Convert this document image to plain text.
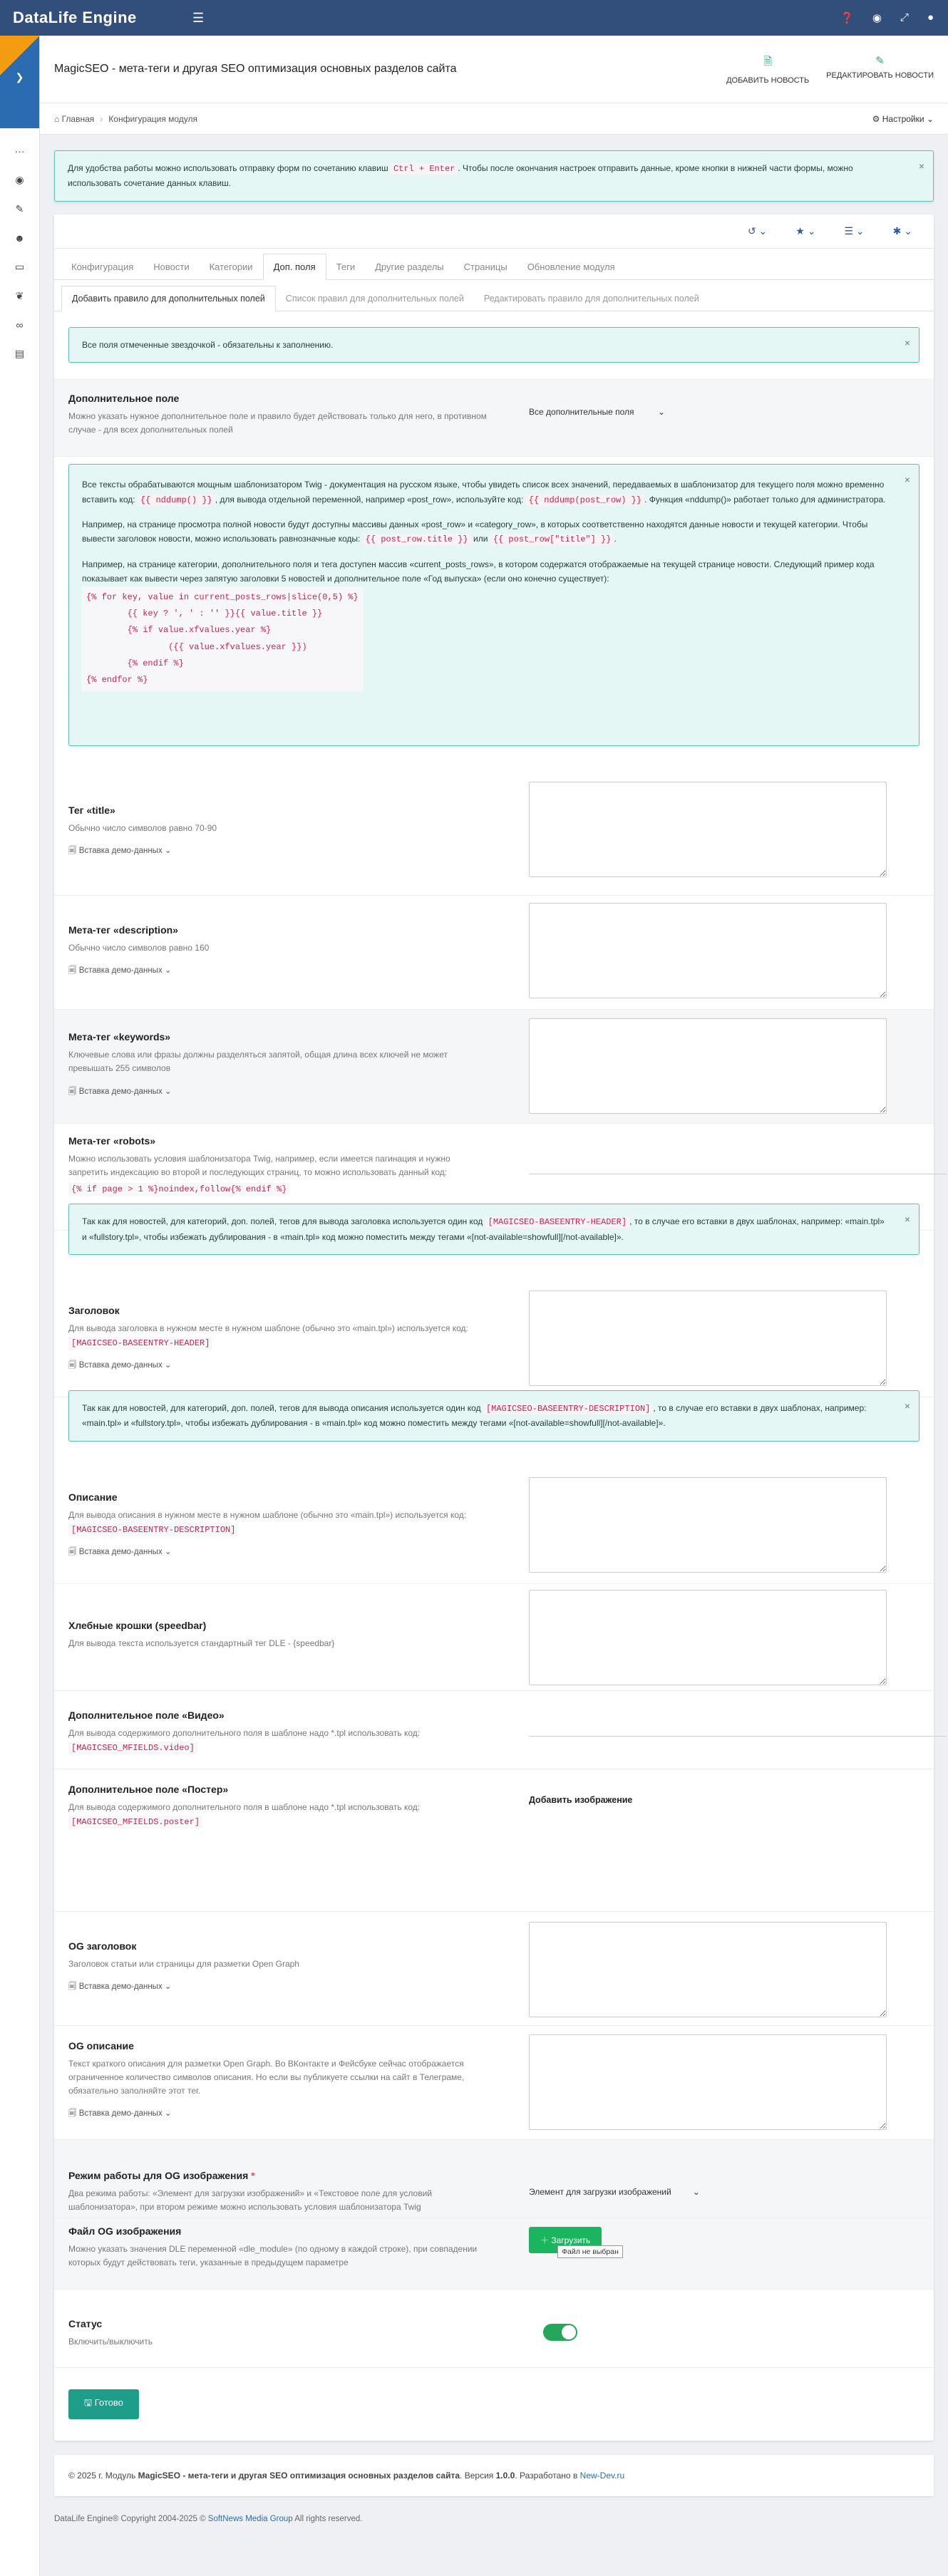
DataLife Engine	☰	❓ ◉ ⤢ ●
❯
···
◉
✎
☻
▭
❦
∞
▤
MagicSEO - мета-теги и другая SEO оптимизация основных разделов сайта
🗎
ДОБАВИТЬ НОВОСТЬ
✎
РЕДАКТИРОВАТЬ НОВОСТИ
⌂
Главная › Конфигурация модуля	⚙ Настройки ⌄
Для удобства работы можно использовать отправку форм по сочетанию клавиш Ctrl + Enter . Чтобы после окончания настроек отправить данные, кроме кнопки в нижней части формы, можно использовать сочетание данных клавиш.
×
↺ ⌄	★ ⌄	☰ ⌄	✱ ⌄
Конфигурация	Новости	Категории	Доп. поля	Теги	Другие разделы	Страницы	Обновление модуля
Добавить правило для дополнительных полей	Список правил для дополнительных полей	Редактировать правило для дополнительных полей
Все поля отмеченные звездочкой - обязательны к заполнению.	×
Дополнительное поле
Можно указать нужное дополнительное поле и правило будет действовать только для него, в противном случае - для всех дополнительных полей
Все дополнительные поля	⌄
×

Все тексты обрабатываются мощным шаблонизатором Twig - документация на русском языке, чтобы увидеть список всех значений, передаваемых в шаблонизатор для текущего поля можно временно вставить код: {{ nddump() }} , для вывода отдельной переменной, например «post_row», используйте код: {{ nddump(post_row) }} . Функция «nddump()» работает только для администратора.

Например, на странице просмотра полной новости будут доступны массивы данных «post_row» и «category_row», в которых соответственно находятся данные новости и текущей категории. Чтобы вывести заголовок новости, можно использовать равнозначные коды: {{ post_row.title }} или {{ post_row["title"] }} .

Например, на странице категории, дополнительного поля и тега доступен массив «current_posts_rows», в котором содержатся отображаемые на текущей странице новости. Следующий пример кода показывает как вывести через запятую заголовки 5 новостей и дополнительное поле «Год выпуска» (если оно конечно существует):

{% for key, value in current_posts_rows|slice(0,5) %}
{{ key ? ', ' : '' }}{{ value.title }}
{% if value.xfvalues.year %}
({{ value.xfvalues.year }})
{% endif %}
{% endfor %}
Тег «title»
Обычно число символов равно 70-90
🗐 Вставка демо-данных ⌄
Мета-тег «description»
Обычно число символов равно 160
🗐 Вставка демо-данных ⌄
Мета-тег «keywords»
Ключевые слова или фразы должны разделяться запятой, общая длина всех ключей не может превышать 255 символов
🗐 Вставка демо-данных ⌄
Мета-тег «robots»
Можно использовать условия шаблонизатора Twig, например, если имеется пагинация и нужно запретить индексацию во второй и последующих страниц, то можно использовать данный код:
{% if page > 1 %}noindex,follow{% endif %}
Так как для новостей, для категорий, доп. полей, тегов для вывода заголовка используется один код [MAGICSEO-BASEENTRY-HEADER] , то в случае его вставки в двух шаблонах, например: «main.tpl» и «fullstory.tpl», чтобы избежать дублирования - в «main.tpl» код можно поместить между тегами «[not-available=showfull][/not-available]».
×
Заголовок
Для вывода заголовка в нужном месте в нужном шаблоне (обычно это «main.tpl») используется код:
[MAGICSEO-BASEENTRY-HEADER]
🗐 Вставка демо-данных ⌄
Так как для новостей, для категорий, доп. полей, тегов для вывода описания используется один код [MAGICSEO-BASEENTRY-DESCRIPTION] , то в случае его вставки в двух шаблонах, например: «main.tpl» и «fullstory.tpl», чтобы избежать дублирования - в «main.tpl» код можно поместить между тегами «[not-available=showfull][/not-available]».
×
Описание
Для вывода описания в нужном месте в нужном шаблоне (обычно это «main.tpl») используется код:
[MAGICSEO-BASEENTRY-DESCRIPTION]
🗐 Вставка демо-данных ⌄
Хлебные крошки (speedbar)
Для вывода текста используется стандартный тег DLE - {speedbar}
Дополнительное поле «Видео»
Для вывода содержимого дополнительного поля в шаблоне надо *.tpl использовать код:
[MAGICSEO_MFIELDS.video]
Дополнительное поле «Постер»
Для вывода содержимого дополнительного поля в шаблоне надо *.tpl использовать код:
[MAGICSEO_MFIELDS.poster]
Добавить изображение
OG заголовок
Заголовок статьи или страницы для разметки Open Graph
🗐 Вставка демо-данных ⌄
OG описание
Текст краткого описания для разметки Open Graph. Во ВКонтакте и Фейсбуке сейчас отображается ограниченное количество символов описания. Но если вы публикуете ссылки на сайт в Телеграме, обязательно заполняйте этот тег.
🗐 Вставка демо-данных ⌄
Режим работы для OG изображения *
Два режима работы: «Элемент для загрузки изображений» и «Текстовое поле для условий шаблонизатора», при втором режиме можно использовать условия шаблонизатора Twig
Элемент для загрузки изображений	⌄
Файл OG изображения
Можно указать значения DLE переменной «dle_module» (по одному в каждой строке), при совпадении которых будут действовать теги, указанные в предыдущем параметре
＋ Загрузить
Файл не выбран
Статус
Включить/выключить
🖫 Готово
© 2025 г. Модуль
MagicSEO - мета-теги и другая SEO оптимизация основных разделов сайта . Версия
1.0.0 . Разработано в
New-Dev.ru
DataLife Engine® Copyright 2004-2025 © SoftNews Media Group All rights reserved.
